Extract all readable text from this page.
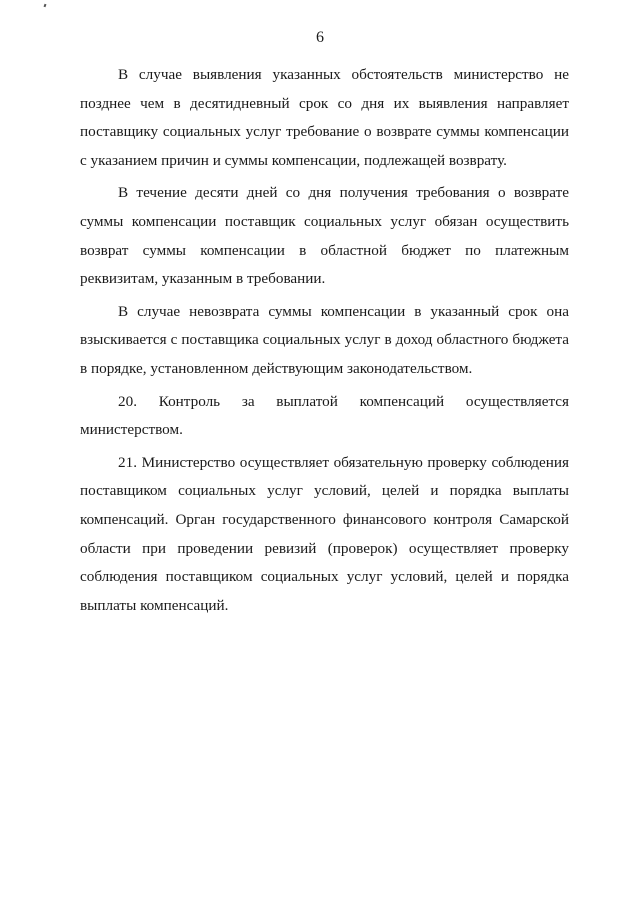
6

В случае выявления указанных обстоятельств министерство не позднее чем в десятидневный срок со дня их выявления направляет поставщику социальных услуг требование о возврате суммы компенсации с указанием причин и суммы компенсации, подлежащей возврату.

В течение десяти дней со дня получения требования о возврате суммы компенсации поставщик социальных услуг обязан осуществить возврат суммы компенсации в областной бюджет по платежным реквизитам, указанным в требовании.

В случае невозврата суммы компенсации в указанный срок она взыскивается с поставщика социальных услуг в доход областного бюджета в порядке, установленном действующим законодательством.

20. Контроль за выплатой компенсаций осуществляется министерством.

21. Министерство осуществляет обязательную проверку соблюдения поставщиком социальных услуг условий, целей и порядка выплаты компенсаций. Орган государственного финансового контроля Самарской области при проведении ревизий (проверок) осуществляет проверку соблюдения поставщиком социальных услуг условий, целей и порядка выплаты компенсаций.
